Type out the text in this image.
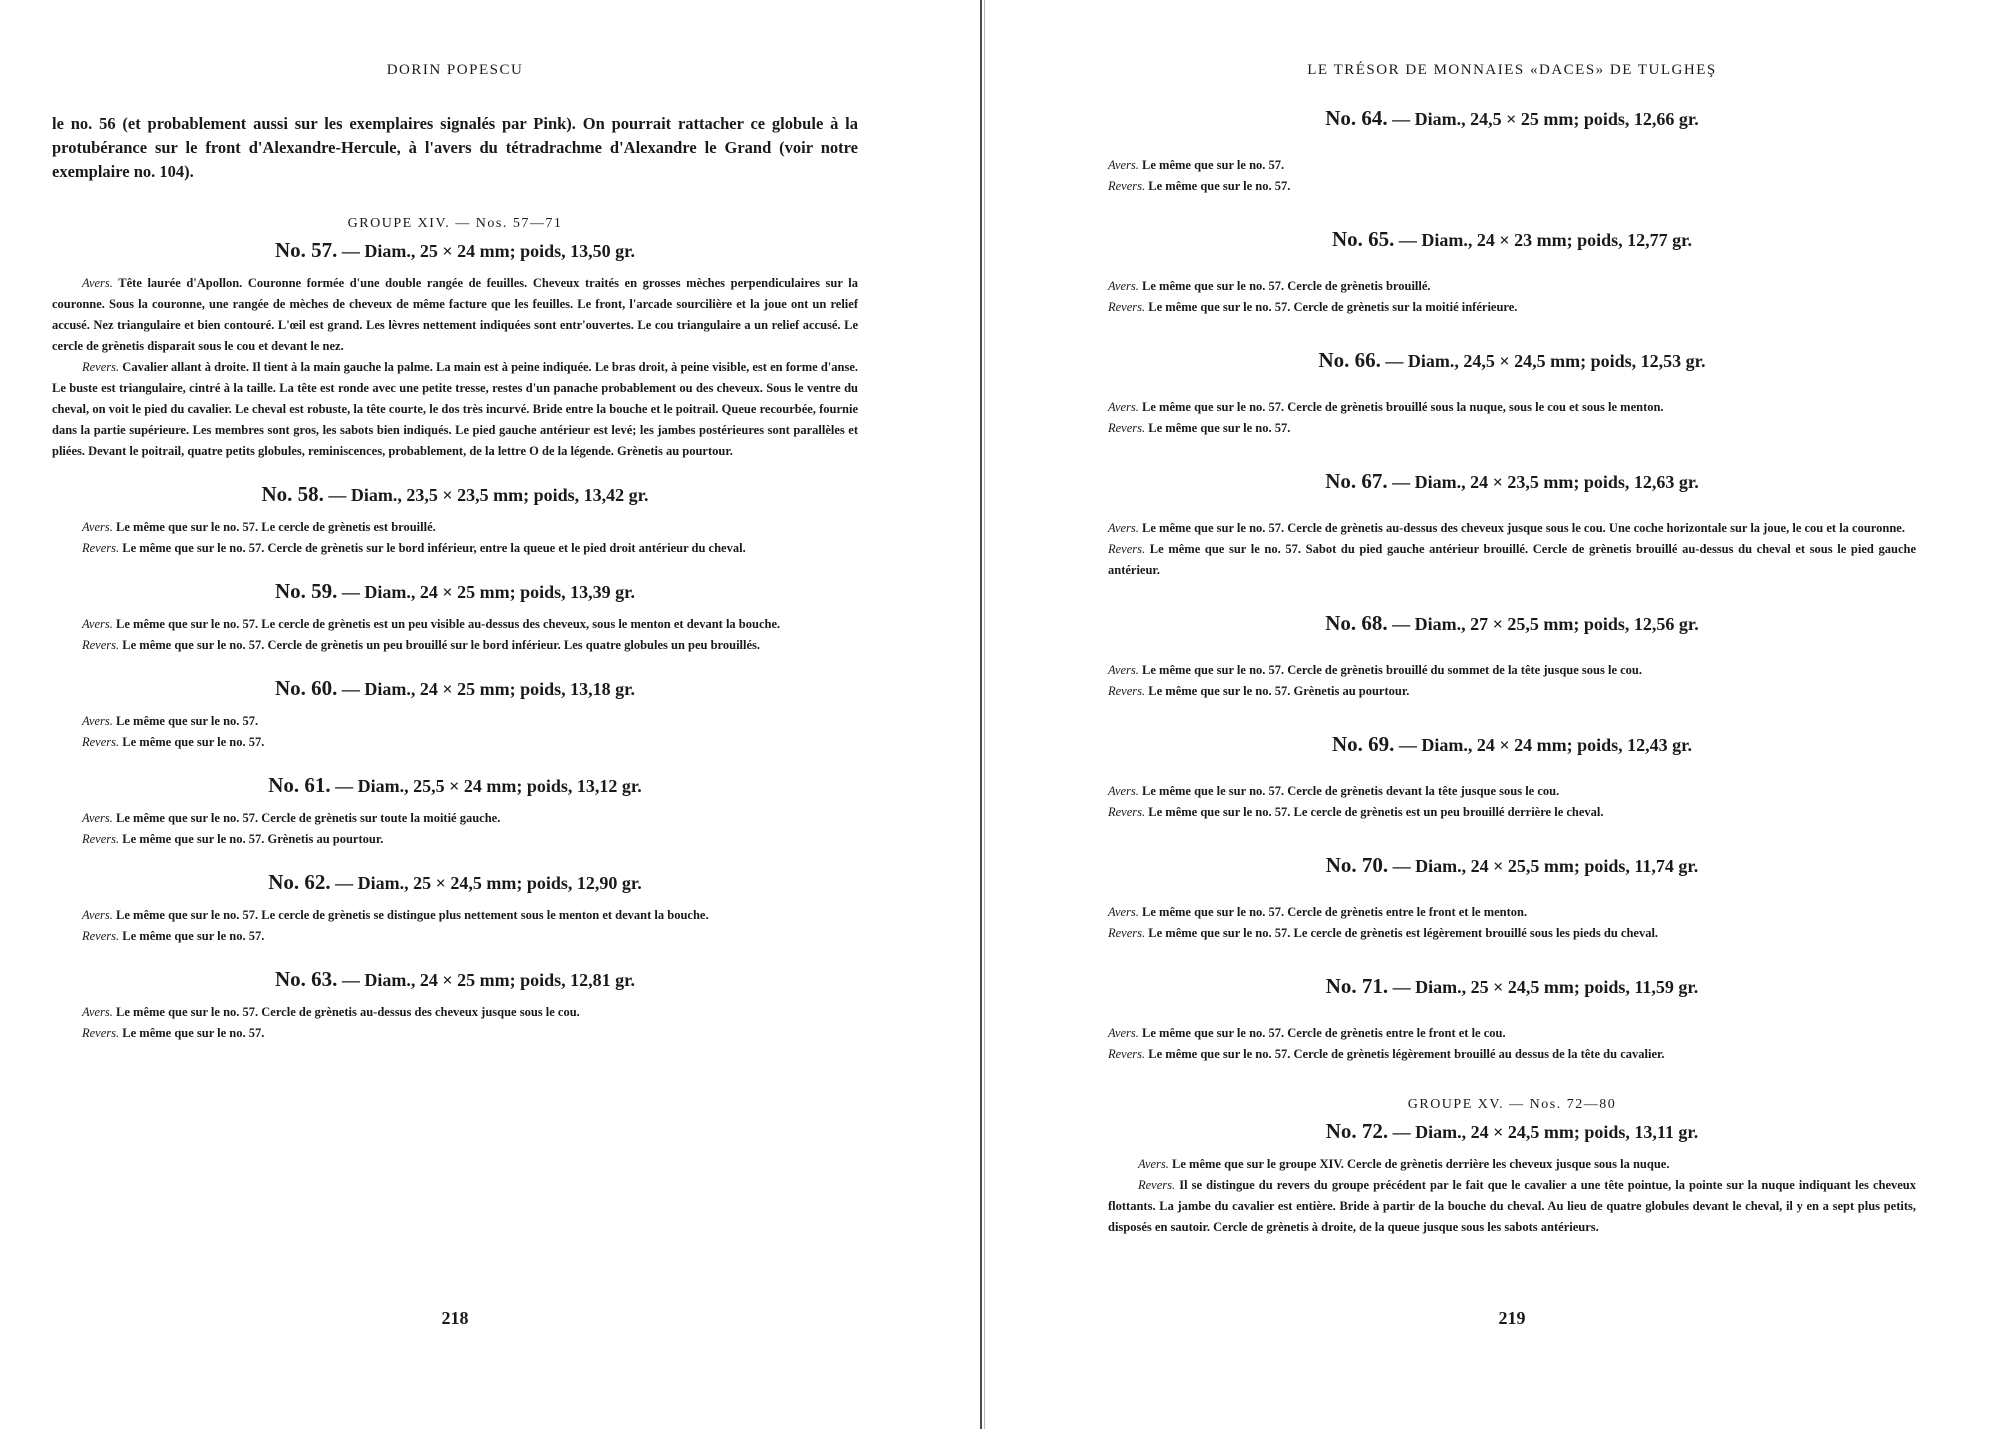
DORIN POPESCU

le no. 56 (et probablement aussi sur les exemplaires signalés par Pink). On pourrait rattacher ce globule à la protubérance sur le front d'Alexandre-Hercule, à l'avers du tétradrachme d'Alexandre le Grand (voir notre exemplaire no. 104).

GROUPE XIV. — Nos. 57—71
No. 57. — Diam., 25 × 24 mm; poids, 13,50 gr.

Avers. Tête laurée d'Apollon. Couronne formée d'une double rangée de feuilles. Cheveux traités en grosses mèches perpendiculaires sur la couronne. Sous la couronne, une rangée de mèches de cheveux de même facture que les feuilles. Le front, l'arcade sourcilière et la joue ont un relief accusé. Nez triangulaire et bien contouré. L'œil est grand. Les lèvres nettement indiquées sont entr'ouvertes. Le cou triangulaire a un relief accusé. Le cercle de grènetis disparait sous le cou et devant le nez.

Revers. Cavalier allant à droite. Il tient à la main gauche la palme. La main est à peine indiquée. Le bras droit, à peine visible, est en forme d'anse. Le buste est triangulaire, cintré à la taille. La tête est ronde avec une petite tresse, restes d'un panache probablement ou des cheveux. Sous le ventre du cheval, on voit le pied du cavalier. Le cheval est robuste, la tête courte, le dos très incurvé. Bride entre la bouche et le poitrail. Queue recourbée, fournie dans la partie supérieure. Les membres sont gros, les sabots bien indiqués. Le pied gauche antérieur est levé; les jambes postérieures sont parallèles et pliées. Devant le poitrail, quatre petits globules, reminiscences, probablement, de la lettre O de la légende. Grènetis au pourtour.

No. 58. — Diam., 23,5 × 23,5 mm; poids, 13,42 gr.

Avers. Le même que sur le no. 57. Le cercle de grènetis est brouillé.

Revers. Le même que sur le no. 57. Cercle de grènetis sur le bord inférieur, entre la queue et le pied droit antérieur du cheval.

No. 59. — Diam., 24 × 25 mm; poids, 13,39 gr.

Avers. Le même que sur le no. 57. Le cercle de grènetis est un peu visible au-dessus des cheveux, sous le menton et devant la bouche.

Revers. Le même que sur le no. 57. Cercle de grènetis un peu brouillé sur le bord inférieur. Les quatre globules un peu brouillés.

No. 60. — Diam., 24 × 25 mm; poids, 13,18 gr.

Avers. Le même que sur le no. 57.

Revers. Le même que sur le no. 57.

No. 61. — Diam., 25,5 × 24 mm; poids, 13,12 gr.

Avers. Le même que sur le no. 57. Cercle de grènetis sur toute la moitié gauche.

Revers. Le même que sur le no. 57. Grènetis au pourtour.

No. 62. — Diam., 25 × 24,5 mm; poids, 12,90 gr.

Avers. Le même que sur le no. 57. Le cercle de grènetis se distingue plus nettement sous le menton et devant la bouche.

Revers. Le même que sur le no. 57.

No. 63. — Diam., 24 × 25 mm; poids, 12,81 gr.

Avers. Le même que sur le no. 57. Cercle de grènetis au-dessus des cheveux jusque sous le cou.

Revers. Le même que sur le no. 57.

218
LE TRÉSOR DE MONNAIES «DACES» DE TULGHEŞ
No. 64. — Diam., 24,5 × 25 mm; poids, 12,66 gr.

Avers. Le même que sur le no. 57.

Revers. Le même que sur le no. 57.

No. 65. — Diam., 24 × 23 mm; poids, 12,77 gr.

Avers. Le même que sur le no. 57. Cercle de grènetis brouillé.

Revers. Le même que sur le no. 57. Cercle de grènetis sur la moitié inférieure.

No. 66. — Diam., 24,5 × 24,5 mm; poids, 12,53 gr.

Avers. Le même que sur le no. 57. Cercle de grènetis brouillé sous la nuque, sous le cou et sous le menton.

Revers. Le même que sur le no. 57.

No. 67. — Diam., 24 × 23,5 mm; poids, 12,63 gr.

Avers. Le même que sur le no. 57. Cercle de grènetis au-dessus des cheveux jusque sous le cou. Une coche horizontale sur la joue, le cou et la couronne.

Revers. Le même que sur le no. 57. Sabot du pied gauche antérieur brouillé. Cercle de grènetis brouillé au-dessus du cheval et sous le pied gauche antérieur.

No. 68. — Diam., 27 × 25,5 mm; poids, 12,56 gr.

Avers. Le même que sur le no. 57. Cercle de grènetis brouillé du sommet de la tête jusque sous le cou.

Revers. Le même que sur le no. 57. Grènetis au pourtour.

No. 69. — Diam., 24 × 24 mm; poids, 12,43 gr.

Avers. Le même que le sur no. 57. Cercle de grènetis devant la tête jusque sous le cou.

Revers. Le même que sur le no. 57. Le cercle de grènetis est un peu brouillé derrière le cheval.

No. 70. — Diam., 24 × 25,5 mm; poids, 11,74 gr.

Avers. Le même que sur le no. 57. Cercle de grènetis entre le front et le menton.

Revers. Le même que sur le no. 57. Le cercle de grènetis est légèrement brouillé sous les pieds du cheval.

No. 71. — Diam., 25 × 24,5 mm; poids, 11,59 gr.

Avers. Le même que sur le no. 57. Cercle de grènetis entre le front et le cou.

Revers. Le même que sur le no. 57. Cercle de grènetis légèrement brouillé au dessus de la tête du cavalier.

GROUPE XV. — Nos. 72—80
No. 72. — Diam., 24 × 24,5 mm; poids, 13,11 gr.

Avers. Le même que sur le groupe XIV. Cercle de grènetis derrière les cheveux jusque sous la nuque.

Revers. Il se distingue du revers du groupe précédent par le fait que le cavalier a une tête pointue, la pointe sur la nuque indiquant les cheveux flottants. La jambe du cavalier est entière. Bride à partir de la bouche du cheval. Au lieu de quatre globules devant le cheval, il y en a sept plus petits, disposés en sautoir. Cercle de grènetis à droite, de la queue jusque sous les sabots antérieurs.

219
